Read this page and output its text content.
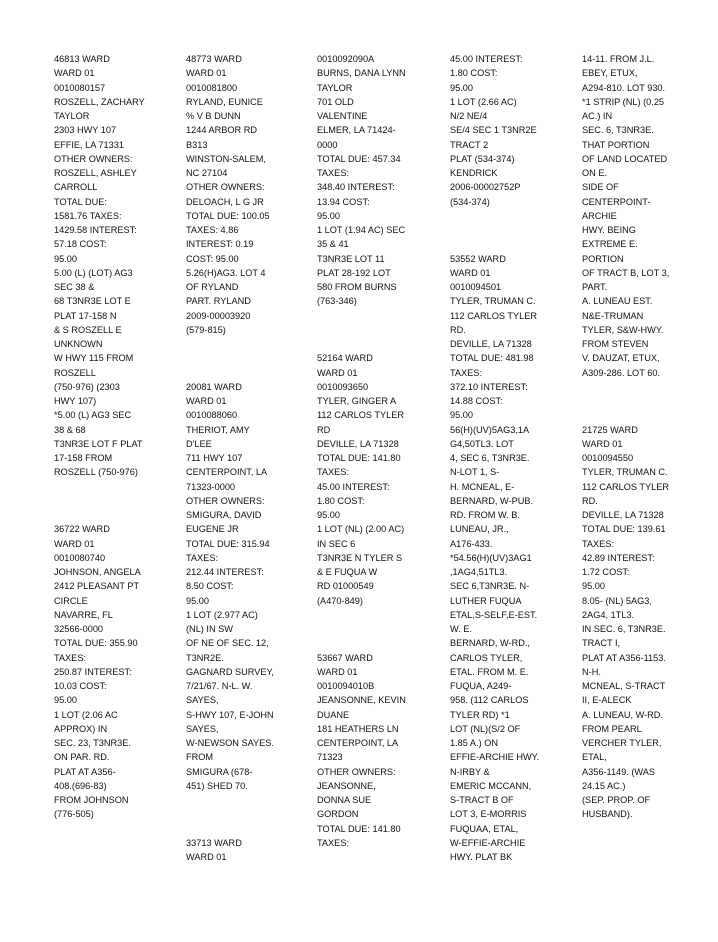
46813 WARD
WARD 01
0010080157
ROSZELL, ZACHARY
TAYLOR
2303 HWY 107
EFFIE, LA 71331
OTHER OWNERS:
ROSZELL, ASHLEY
CARROLL
TOTAL DUE:
1581.76 TAXES:
1429.58 INTEREST:
57.18 COST:
95.00
5.00 (L) (LOT) AG3
SEC 38 &
68 T3NR3E LOT E
PLAT 17-158 N
& S ROSZELL E
UNKNOWN
W HWY 115 FROM
ROSZELL
(750-976) (2303
HWY 107)
*5.00 (L) AG3 SEC
38 & 68
T3NR3E LOT F PLAT
17-158 FROM
ROSZELL (750-976)
36722 WARD
WARD 01
0010080740
JOHNSON, ANGELA
2412 PLEASANT PT
CIRCLE
NAVARRE, FL
32566-0000
TOTAL DUE: 355.90
TAXES:
250.87 INTEREST:
10.03 COST:
95.00
1 LOT (2.06 AC
APPROX) IN
SEC. 23, T3NR3E.
ON PAR. RD.
PLAT AT A356-
408.(696-83)
FROM JOHNSON
(776-505)
48773 WARD
WARD 01
0010081800
RYLAND, EUNICE
% V B DUNN
1244 ARBOR RD
B313
WINSTON-SALEM,
NC 27104
OTHER OWNERS:
DELOACH, L G JR
TOTAL DUE: 100.05
TAXES: 4.86
INTEREST: 0.19
COST: 95.00
5.26(H)AG3. LOT 4
OF RYLAND
PART. RYLAND
2009-00003920
(579-815)
20081 WARD
WARD 01
0010088060
THERIOT, AMY
D'LEE
711 HWY 107
CENTERPOINT, LA
71323-0000
OTHER OWNERS:
SMIGURA, DAVID
EUGENE JR
TOTAL DUE: 315.94
TAXES:
212.44 INTEREST:
8.50 COST:
95.00
1 LOT (2.977 AC)
(NL) IN SW
OF NE OF SEC. 12,
T3NR2E.
GAGNARD SURVEY,
7/21/67. N-L. W.
SAYES,
S-HWY 107, E-JOHN
SAYES,
W-NEWSON SAYES.
FROM
SMIGURA (678-
451) SHED 70.
33713 WARD
WARD 01
0010092090A
BURNS, DANA LYNN
TAYLOR
701 OLD
VALENTINE
ELMER, LA 71424-
0000
TOTAL DUE: 457.34
TAXES:
348.40 INTEREST:
13.94 COST:
95.00
1 LOT (1.94 AC) SEC
35 & 41
T3NR3E LOT 11
PLAT 28-192 LOT
580 FROM BURNS
(763-346)
52164 WARD
WARD 01
0010093650
TYLER, GINGER A
112 CARLOS TYLER
RD
DEVILLE, LA 71328
TOTAL DUE: 141.80
TAXES:
45.00 INTEREST:
1.80 COST:
95.00
1 LOT (NL) (2.00 AC)
IN SEC 6
T3NR3E N TYLER S
& E FUQUA W
RD 01000549
(A470-849)
53667 WARD
WARD 01
0010094010B
JEANSONNE, KEVIN
DUANE
181 HEATHERS LN
CENTERPOINT, LA
71323
OTHER OWNERS:
JEANSONNE,
DONNA SUE
GORDON
TOTAL DUE: 141.80
TAXES:
45.00 INTEREST:
1.80 COST:
95.00
1 LOT (2.66 AC)
N/2 NE/4
SE/4 SEC 1 T3NR2E
TRACT 2
PLAT (534-374)
KENDRICK
2006-00002752P
(534-374)
53552 WARD
WARD 01
0010094501
TYLER, TRUMAN C.
112 CARLOS TYLER
RD.
DEVILLE, LA 71328
TOTAL DUE: 481.98
TAXES:
372.10 INTEREST:
14.88 COST:
95.00
56(H)(UV)5AG3,1A
G4,50TL3. LOT
4, SEC 6, T3NR3E.
N-LOT 1, S-
H. MCNEAL, E-
BERNARD, W-PUB.
RD. FROM W. B.
LUNEAU, JR.,
A176-433.
*54.56(H)(UV)3AG1
,1AG4,51TL3.
SEC 6,T3NR3E. N-
LUTHER FUQUA
ETAL,S-SELF,E-EST.
W. E.
BERNARD, W-RD.,
CARLOS TYLER,
ETAL. FROM M. E.
FUQUA, A249-
958. (112 CARLOS
TYLER RD) *1
LOT (NL)(S/2 OF
1.85 A.) ON
EFFIE-ARCHIE HWY.
N-IRBY &
EMERIC MCCANN,
S-TRACT B OF
LOT 3, E-MORRIS
FUQUAA, ETAL,
W-EFFIE-ARCHIE
HWY. PLAT BK
14-11. FROM J.L.
EBEY, ETUX,
A294-810. LOT 930.
*1 STRIP (NL) (0.25
AC.) IN
SEC. 6, T3NR3E.
THAT PORTION
OF LAND LOCATED
ON E.
SIDE OF
CENTERPOINT-
ARCHIE
HWY. BEING
EXTREME E.
PORTION
OF TRACT B, LOT 3,
PART.
A. LUNEAU EST.
N&E-TRUMAN
TYLER, S&W-HWY.
FROM STEVEN
V. DAUZAT, ETUX,
A309-286. LOT 60.
21725 WARD
WARD 01
0010094550
TYLER, TRUMAN C.
112 CARLOS TYLER
RD.
DEVILLE, LA 71328
TOTAL DUE: 139.61
TAXES:
42.89 INTEREST:
1.72 COST:
95.00
8.05- (NL) 5AG3,
2AG4, 1TL3.
IN SEC. 6, T3NR3E.
TRACT I,
PLAT AT A356-1153.
N-H.
MCNEAL, S-TRACT
II, E-ALECK
A. LUNEAU, W-RD.
FROM PEARL
VERCHER TYLER,
ETAL,
A356-1149. (WAS
24.15 AC.)
(SEP. PROP. OF
HUSBAND).
